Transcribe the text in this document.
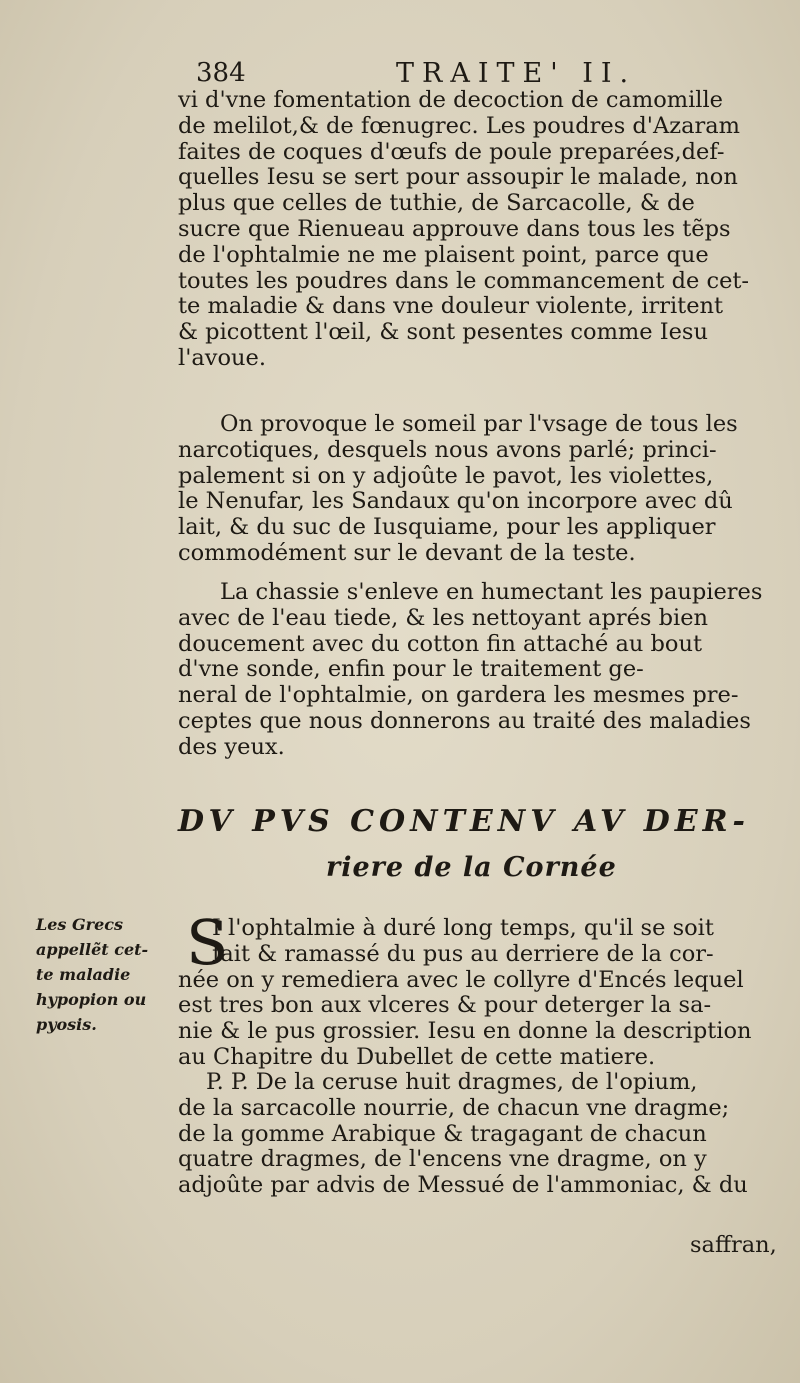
384	TRAITE' II.
vi d'vne fomentation de decoction de camomille
de melilot,& de fœnugrec. Les poudres d'Azaram
faites de coques d'œufs de poule preparées,def-
quelles Iesu se sert pour assoupir le malade, non
plus que celles de tuthie, de Sarcacolle, & de
sucre que Rienueau approuve dans tous les tẽps
de l'ophtalmie ne me plaisent point, parce que
toutes les poudres dans le commancement de cet-
te maladie & dans vne douleur violente, irritent
& picottent l'œil, & sont pesentes comme Iesu
l'avoue.
On provoque le someil par l'vsage de tous les
narcotiques, desquels nous avons parlé; princi-
palement si on y adjoûte le pavot, les violettes,
le Nenufar, les Sandaux qu'on incorpore avec dû
lait, & du suc de Iusquiame, pour les appliquer
commodément sur le devant de la teste.
La chassie s'enleve en humectant les paupieres
avec de l'eau tiede, & les nettoyant aprés bien
doucement avec du cotton fin attaché au bout
d'vne sonde, enfin pour le traitement ge-
neral de l'ophtalmie, on gardera les mesmes pre-
ceptes que nous donnerons au traité des maladies
des yeux.
DV PVS CONTENV AV DER-
riere de la Cornée
Les Grecs
appellẽt cet-
te maladie
hypopion ou
pyosis.
S
I l'ophtalmie à duré long temps, qu'il se soit
fait & ramassé du pus au derriere de la cor-
née on y remediera avec le collyre d'Encés lequel
est tres bon aux vlceres & pour deterger la sa-
nie & le pus grossier. Iesu en donne la description
au Chapitre du Dubellet de cette matiere.
P. P. De la ceruse huit dragmes, de l'opium,
de la sarcacolle nourrie, de chacun vne dragme;
de la gomme Arabique & tragagant de chacun
quatre dragmes, de l'encens vne dragme, on y
adjoûte par advis de Messué de l'ammoniac, & du
saffran,
